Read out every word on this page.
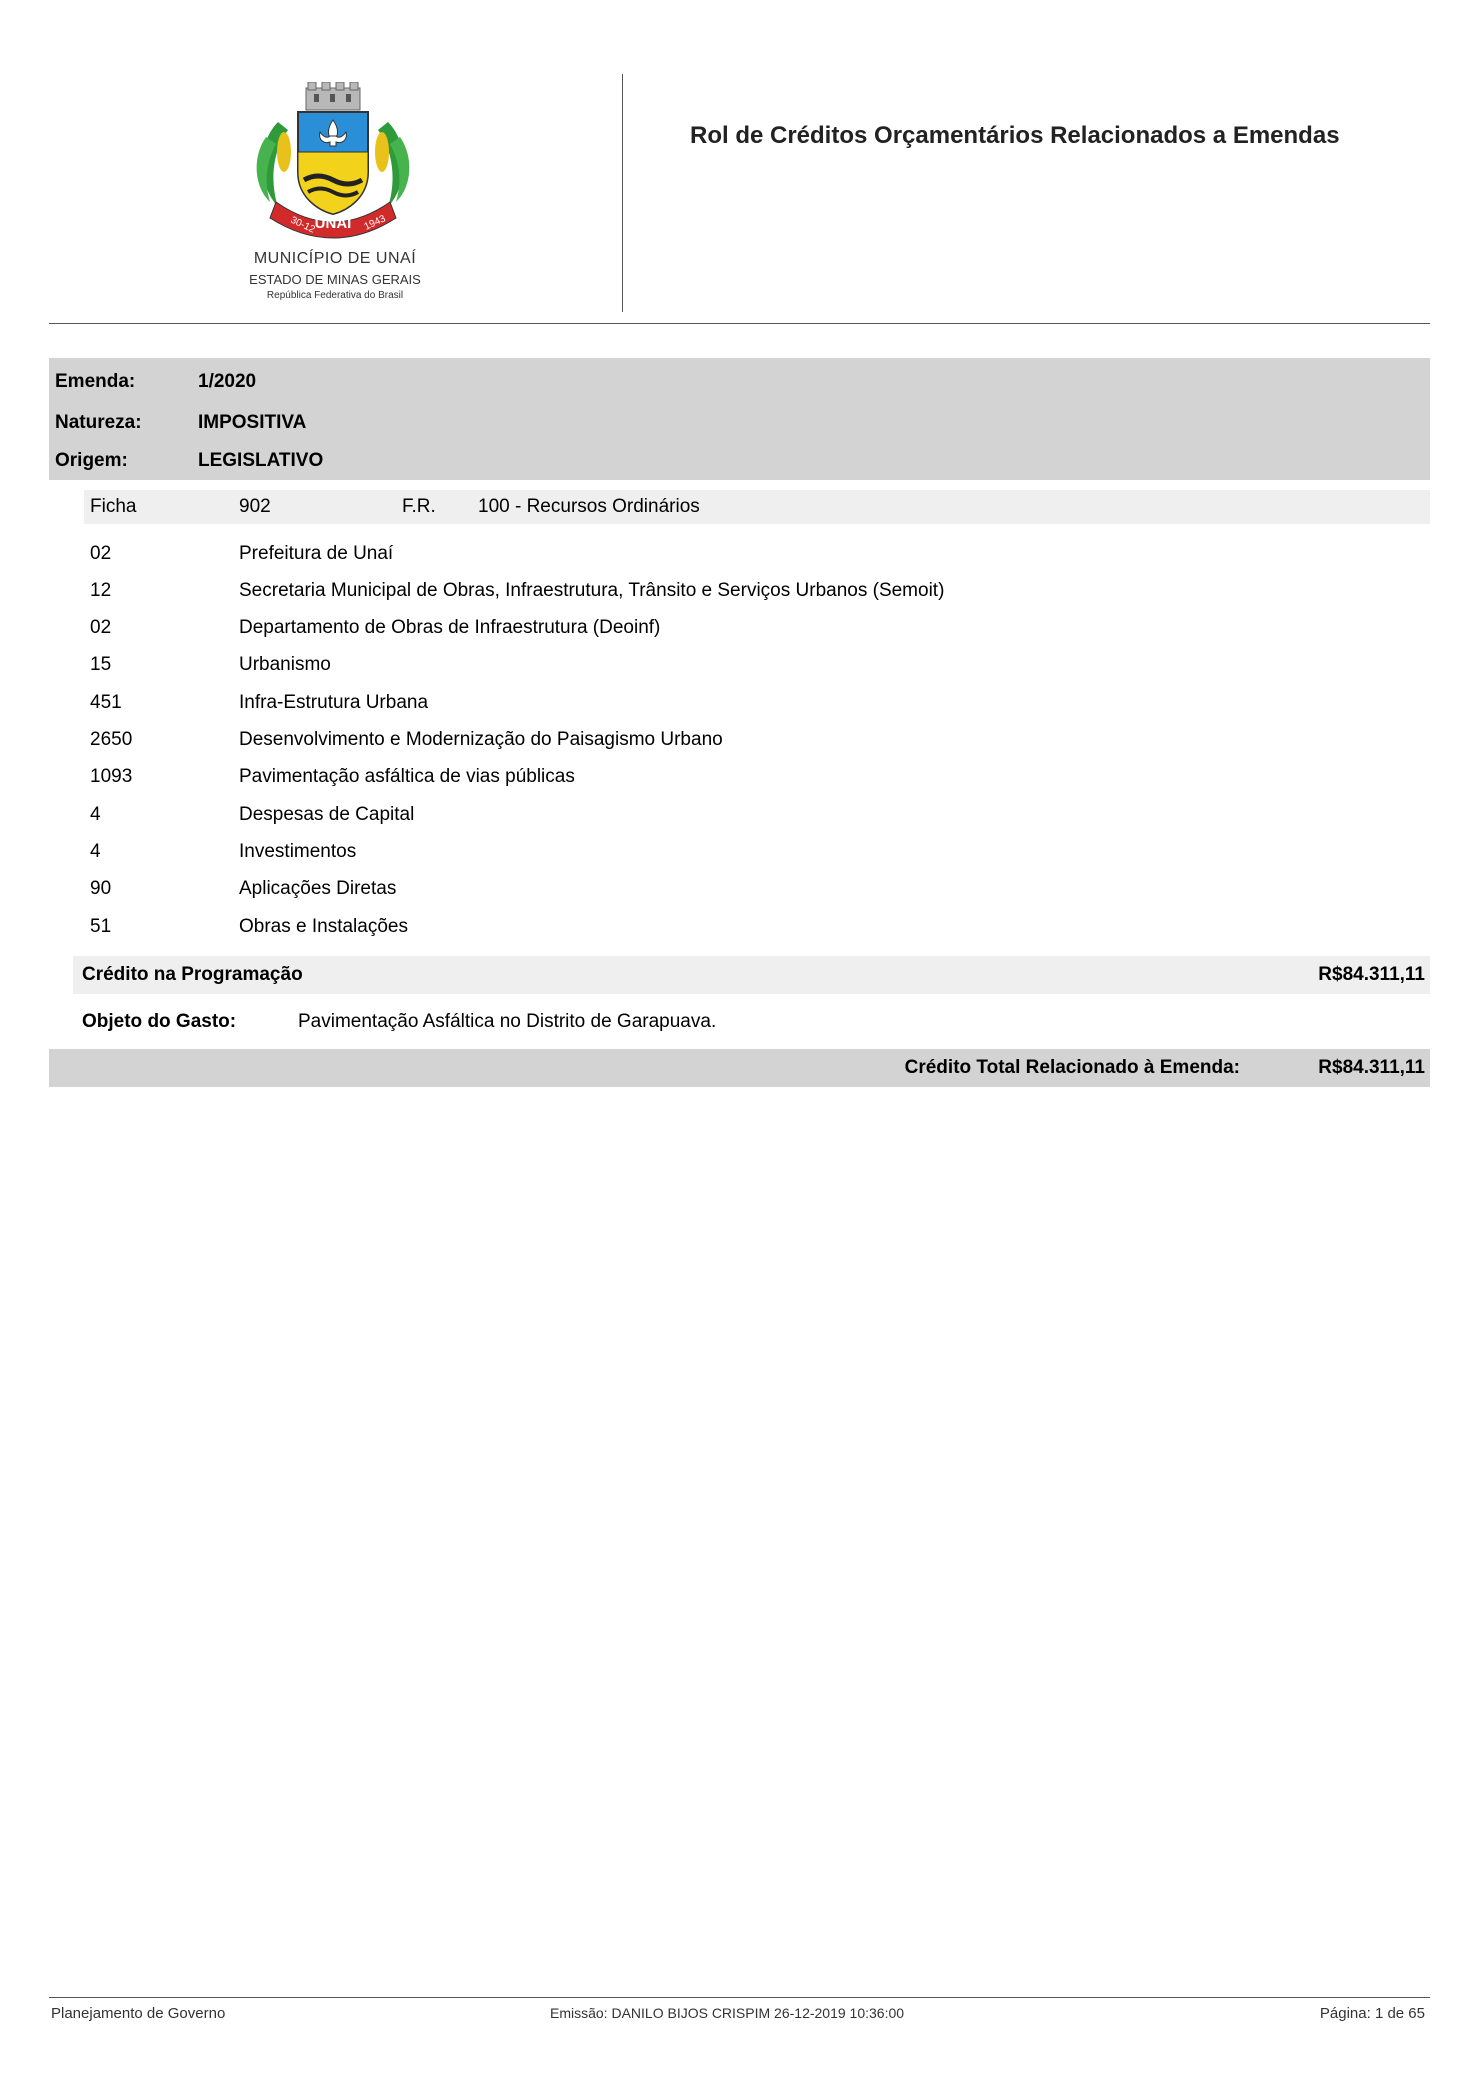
UNAÍ
30-12	1943
MUNICÍPIO DE UNAÍ
ESTADO DE MINAS GERAIS
República Federativa do Brasil
Rol de Créditos Orçamentários Relacionados a Emendas
Emenda:	1/2020
Natureza:	IMPOSITIVA
Origem:	LEGISLATIVO
Ficha	902	F.R. 100 - Recursos Ordinários
02	Prefeitura de Unaí
12	Secretaria Municipal de Obras, Infraestrutura, Trânsito e Serviços Urbanos (Semoit)
02	Departamento de Obras de Infraestrutura (Deoinf)
15	Urbanismo
451	Infra-Estrutura Urbana
2650	Desenvolvimento e Modernização do Paisagismo Urbano
1093	Pavimentação asfáltica de vias públicas
4	Despesas de Capital
4	Investimentos
90	Aplicações Diretas
51	Obras e Instalações
Crédito na Programação	R$84.311,11
Objeto do Gasto:	Pavimentação Asfáltica no Distrito de Garapuava.
Crédito Total Relacionado à Emenda:	R$84.311,11
Planejamento de Governo	Emissão: DANILO BIJOS CRISPIM 26-12-2019 10:36:00	Página: 1 de 65
